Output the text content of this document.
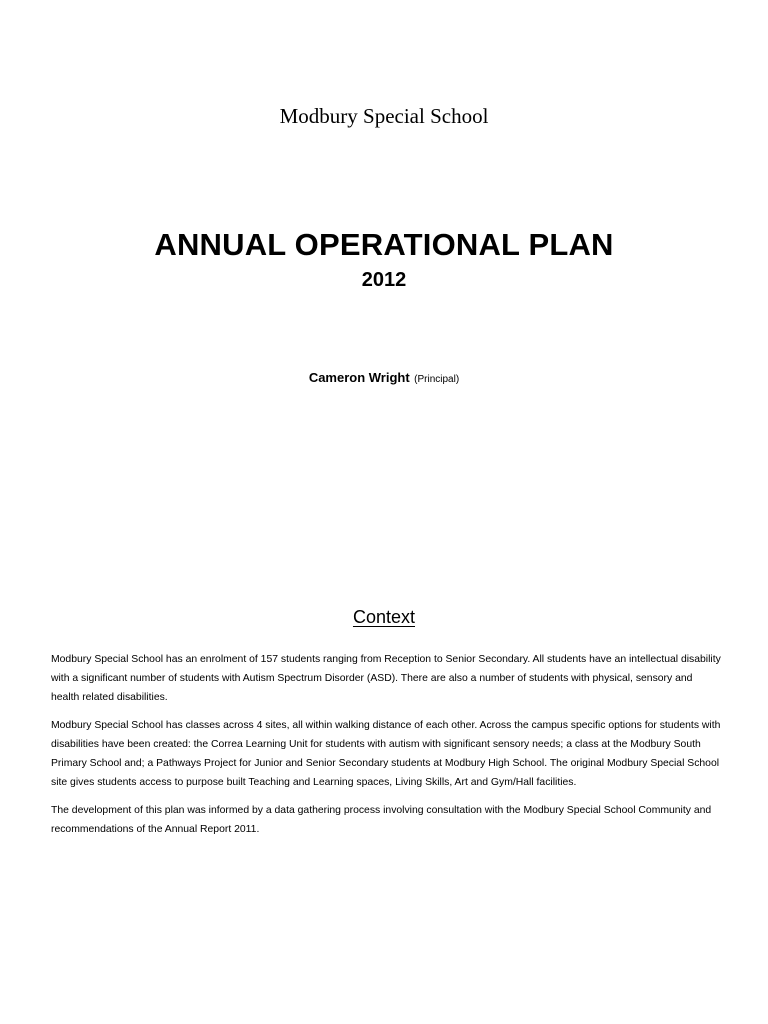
Modbury Special School
ANNUAL OPERATIONAL PLAN
2012
Cameron Wright (Principal)
Context

Modbury Special School has an enrolment of 157 students ranging from Reception to Senior Secondary. All students have an intellectual disability with a significant number of students with Autism Spectrum Disorder (ASD). There are also a number of students with physical, sensory and health related disabilities.

Modbury Special School has classes across 4 sites, all within walking distance of each other. Across the campus specific options for students with disabilities have been created: the Correa Learning Unit for students with autism with significant sensory needs; a class at the Modbury South Primary School and; a Pathways Project for Junior and Senior Secondary students at Modbury High School. The original Modbury Special School site gives students access to purpose built Teaching and Learning spaces, Living Skills, Art and Gym/Hall facilities.

The development of this plan was informed by a data gathering process involving consultation with the Modbury Special School Community and recommendations of the Annual Report 2011.
